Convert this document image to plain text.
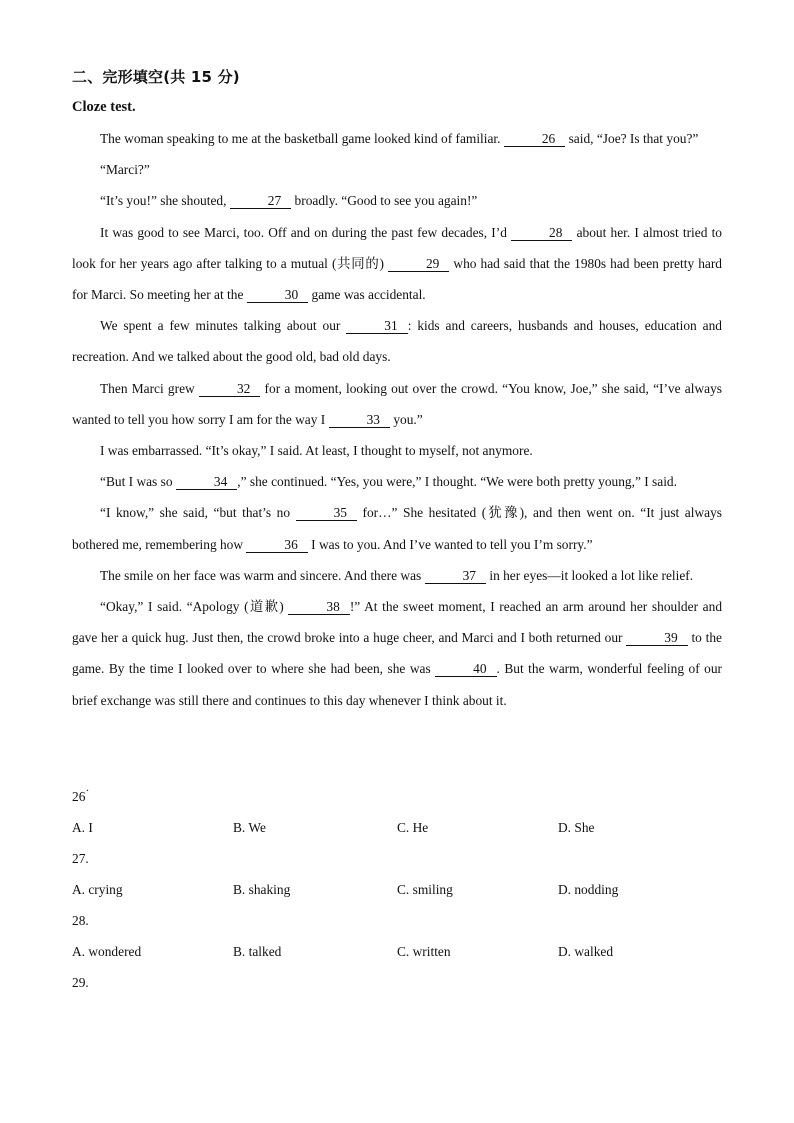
二、完形填空(共 15 分)
Cloze test.

The woman speaking to me at the basketball game looked kind of familiar.	26 said, “Joe? Is that you?”

“Marci?”

“It’s you!” she shouted,	27 broadly. “Good to see you again!”

It was good to see Marci, too. Off and on during the past few decades, I’d	28 about her. I almost tried to look for her years ago after talking to a mutual (共同的)	29 who had said that the 1980s had been pretty hard for Marci. So meeting her at the	30 game was accidental.

We spent a few minutes talking about our	31 : kids and careers, husbands and houses, education and recreation. And we talked about the good old, bad old days.

Then Marci grew	32 for a moment, looking out over the crowd. “You know, Joe,” she said, “I’ve always wanted to tell you how sorry I am for the way I	33 you.”

I was embarrassed. “It’s okay,” I said. At least, I thought to myself, not anymore.

“But I was so	34 ,” she continued. “Yes, you were,” I thought. “We were both pretty young,” I said.

“I know,” she said, “but that’s no	35 for…” She hesitated (犹豫), and then went on. “It just always bothered me, remembering how	36 I was to you. And I’ve wanted to tell you I’m sorry.”

The smile on her face was warm and sincere. And there was	37 in her eyes—it looked a lot like relief.

“Okay,” I said. “Apology (道歉)	38 !” At the sweet moment, I reached an arm around her shoulder and gave her a quick hug. Just then, the crowd broke into a huge cheer, and Marci and I both returned our	39 to the game. By the time I looked over to where she had been, she was	40 . But the warm, wonderful feeling of our brief exchange was still there and continues to this day whenever I think about it.

26
.
A. I	B. We	C. He	D. She
27.
A. crying	B. shaking	C. smiling	D. nodding
28.
A. wondered	B. talked	C. written	D. walked
29.
